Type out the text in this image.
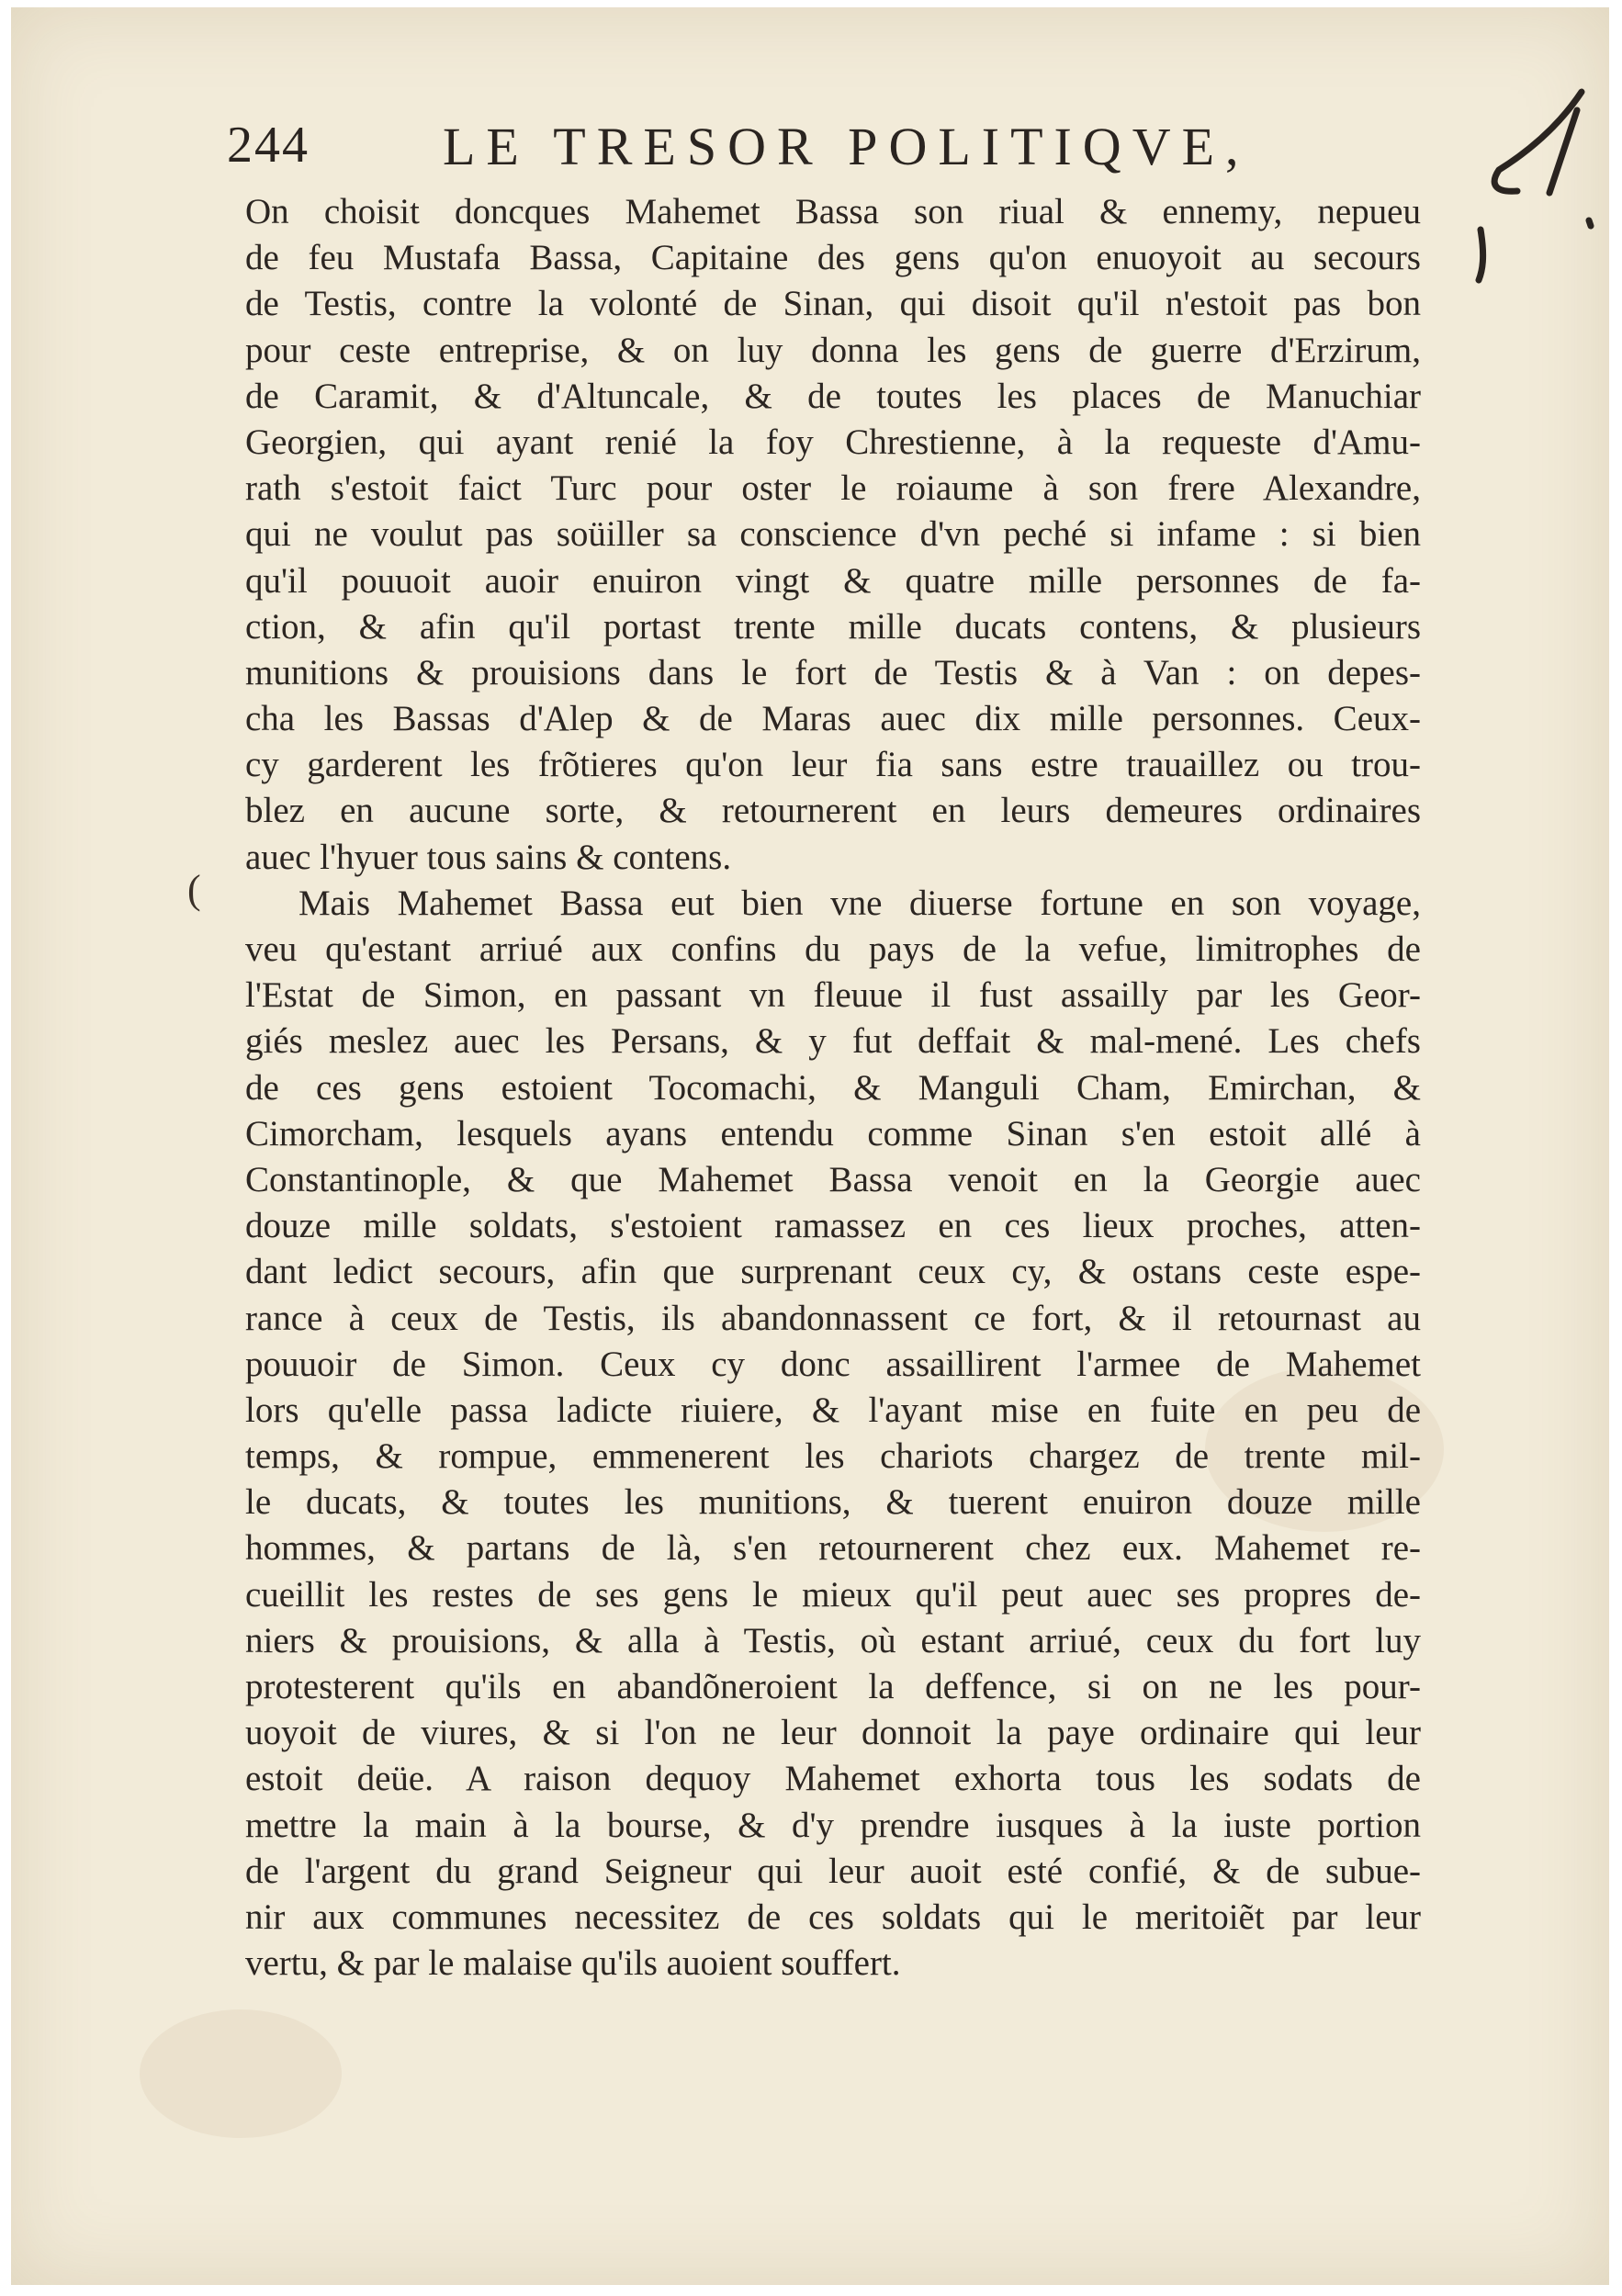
244	LE TRESOR POLITIQVE,
(
On choisit doncques Mahemet Bassa son riual & ennemy, nepueu
de feu Mustafa Bassa, Capitaine des gens qu'on enuoyoit au secours
de Testis, contre la volonté de Sinan, qui disoit qu'il n'estoit pas bon
pour ceste entreprise, & on luy donna les gens de guerre d'Erzirum,
de Caramit, & d'Altuncale, & de toutes les places de Manuchiar
Georgien, qui ayant renié la foy Chrestienne, à la requeste d'Amu-
rath s'estoit faict Turc pour oster le roiaume à son frere Alexandre,
qui ne voulut pas soüiller sa conscience d'vn peché si infame : si bien
qu'il pouuoit auoir enuiron vingt & quatre mille personnes de fa-
ction, & afin qu'il portast trente mille ducats contens, & plusieurs
munitions & prouisions dans le fort de Testis & à Van : on depes-
cha les Bassas d'Alep & de Maras auec dix mille personnes. Ceux-
cy garderent les frõtieres qu'on leur fia sans estre trauaillez ou trou-
blez en aucune sorte, & retournerent en leurs demeures ordinaires
auec l'hyuer tous sains & contens.
Mais Mahemet Bassa eut bien vne diuerse fortune en son voyage,
veu qu'estant arriué aux confins du pays de la vefue, limitrophes de
l'Estat de Simon, en passant vn fleuue il fust assailly par les Geor-
giés meslez auec les Persans, & y fut deffait & mal-mené. Les chefs
de ces gens estoient Tocomachi, & Manguli Cham, Emirchan, &
Cimorcham, lesquels ayans entendu comme Sinan s'en estoit allé à
Constantinople, & que Mahemet Bassa venoit en la Georgie auec
douze mille soldats, s'estoient ramassez en ces lieux proches, atten-
dant ledict secours, afin que surprenant ceux cy, & ostans ceste espe-
rance à ceux de Testis, ils abandonnassent ce fort, & il retournast au
pouuoir de Simon. Ceux cy donc assaillirent l'armee de Mahemet
lors qu'elle passa ladicte riuiere, & l'ayant mise en fuite en peu de
temps, & rompue, emmenerent les chariots chargez de trente mil-
le ducats, & toutes les munitions, & tuerent enuiron douze mille
hommes, & partans de là, s'en retournerent chez eux. Mahemet re-
cueillit les restes de ses gens le mieux qu'il peut auec ses propres de-
niers & prouisions, & alla à Testis, où estant arriué, ceux du fort luy
protesterent qu'ils en abandõneroient la deffence, si on ne les pour-
uoyoit de viures, & si l'on ne leur donnoit la paye ordinaire qui leur
estoit deüe. A raison dequoy Mahemet exhorta tous les sodats de
mettre la main à la bourse, & d'y prendre iusques à la iuste portion
de l'argent du grand Seigneur qui leur auoit esté confié, & de subue-
nir aux communes necessitez de ces soldats qui le meritoiẽt par leur
vertu, & par le malaise qu'ils auoient souffert.
